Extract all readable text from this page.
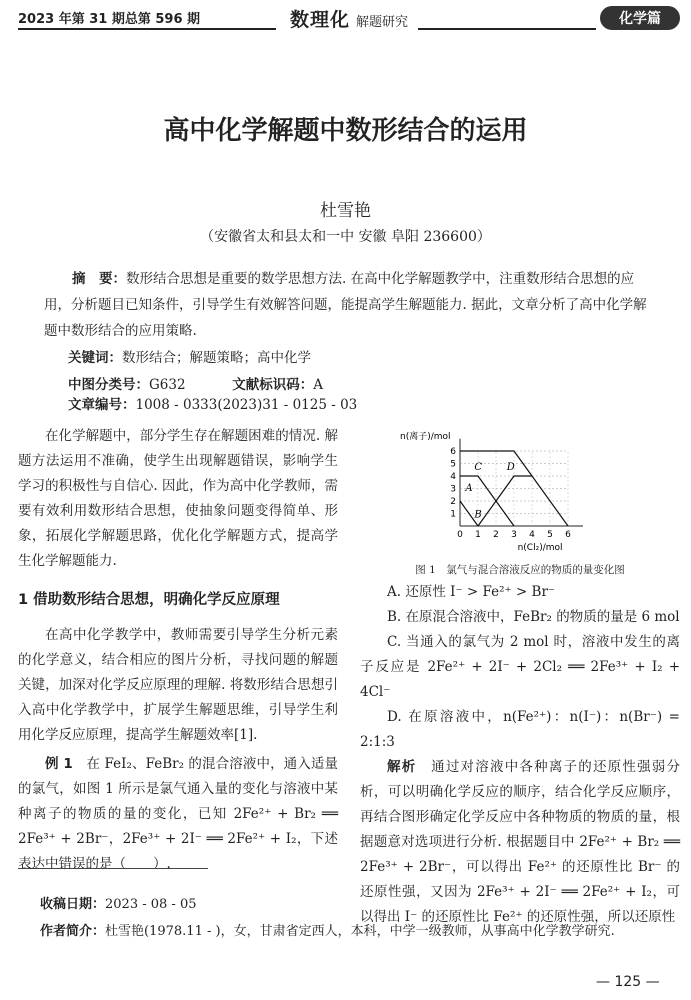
2023 年第 31 期总第 596 期	数理化 解题研究	化学篇
高中化学解题中数形结合的运用
杜雪艳
（安徽省太和县太和一中 安徽 阜阳 236600）
摘　要：数形结合思想是重要的数学思想方法. 在高中化学解题教学中，注重数形结合思想的应用，分析题目已知条件，引导学生有效解答问题，能提高学生解题能力. 据此，文章分析了高中化学解题中数形结合的应用策略.
关键词：数形结合；解题策略；高中化学
中图分类号：G632	文献标识码：A 文章编号：1008 - 0333(2023)31 - 0125 - 03

在化学解题中，部分学生存在解题困难的情况. 解题方法运用不准确，使学生出现解题错误，影响学生学习的积极性与自信心. 因此，作为高中化学教师，需要有效利用数形结合思想，使抽象问题变得简单、形象，拓展化学解题思路，优化化学解题方式，提高学生化学解题能力.

1 借助数形结合思想，明确化学反应原理

在高中化学教学中，教师需要引导学生分析元素的化学意义，结合相应的图片分析，寻找问题的解题关键，加深对化学反应原理的理解. 将数形结合思想引入高中化学教学中，扩展学生解题思维，引导学生利用化学反应原理，提高学生解题效率[1].

例 1　 在 FeI₂、FeBr₂ 的混合溶液中，通入适量的氯气，如图 1 所示是氯气通入量的变化与溶液中某种离子的物质的量的变化，已知 2Fe²⁺ + Br₂ ══ 2Fe³⁺ + 2Br⁻，2Fe³⁺ + 2I⁻ ══ 2Fe²⁺ + I₂，下述表达中错误的是（　　）.

1
2
3
4
5
6
0 1 2 3 4 5 6
n(离子)/mol
n(Cl₂)/mol
A
B
C D
图 1　氯气与混合溶液反应的物质的量变化图

A. 还原性 I⁻ > Fe²⁺ > Br⁻

B. 在原混合溶液中，FeBr₂ 的物质的量是 6 mol

C. 当通入的氯气为 2 mol 时，溶液中发生的离子反应是 2Fe²⁺ + 2I⁻ + 2Cl₂ ══ 2Fe³⁺ + I₂ + 4Cl⁻

D. 在原溶液中，n(Fe²⁺)：n(I⁻)：n(Br⁻) = 2:1:3

解析　 通过对溶液中各种离子的还原性强弱分析，可以明确化学反应的顺序，结合化学反应顺序，再结合图形确定化学反应中各种物质的物质的量，根据题意对选项进行分析. 根据题目中 2Fe²⁺ + Br₂ ══ 2Fe³⁺ + 2Br⁻，可以得出 Fe²⁺ 的还原性比 Br⁻ 的还原性强，又因为 2Fe³⁺ + 2I⁻ ══ 2Fe²⁺ + I₂，可以得出 I⁻ 的还原性比 Fe²⁺ 的还原性强，所以还原性

收稿日期：2023 - 08 - 05
作者简介：杜雪艳(1978.11 - )，女，甘肃省定西人，本科，中学一级教师，从事高中化学教学研究.
— 125 —
